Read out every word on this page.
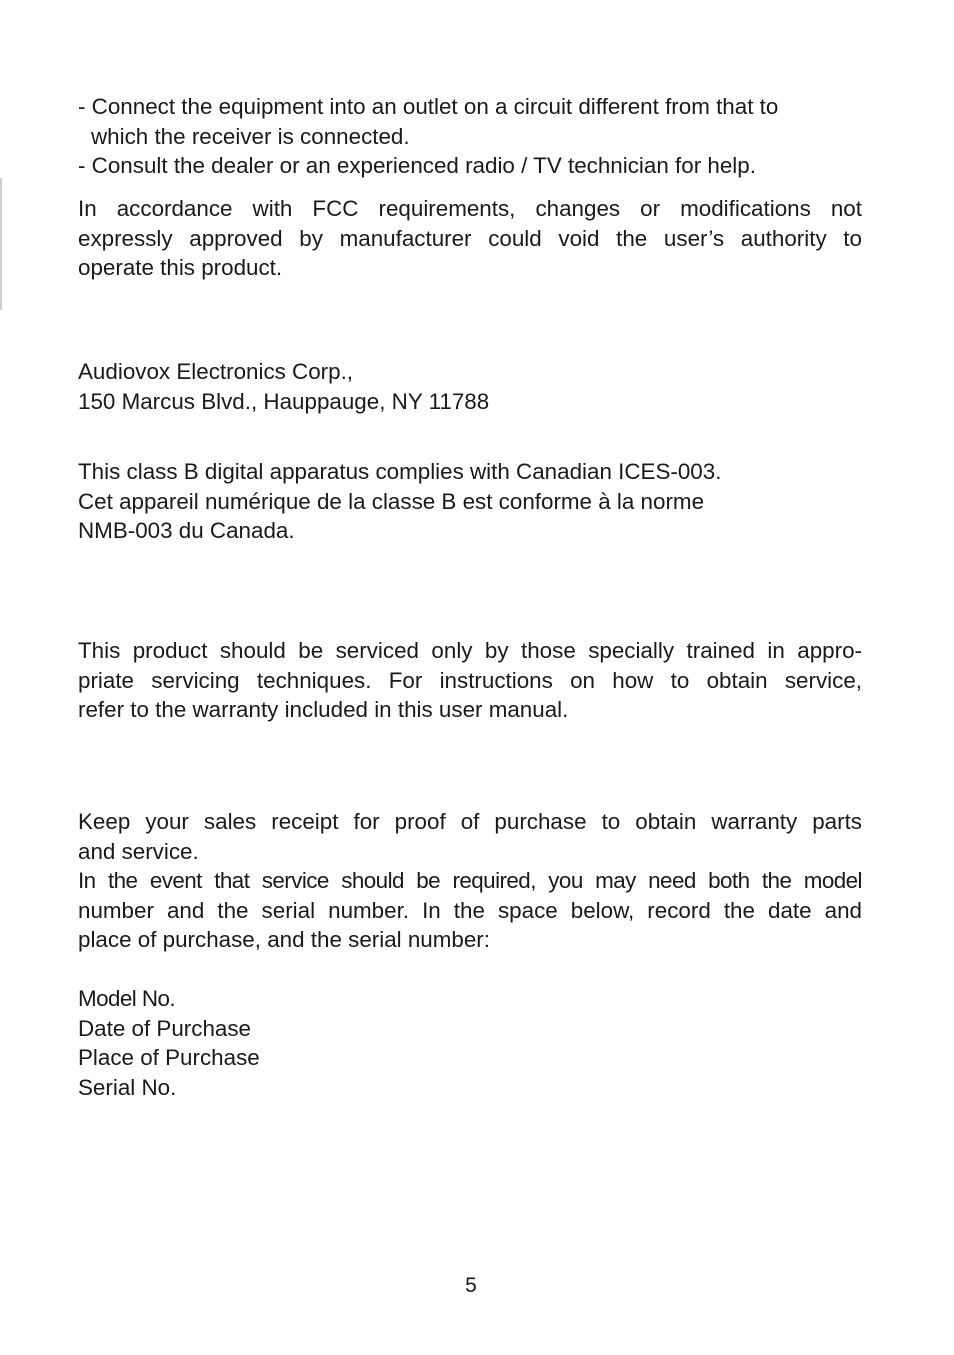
- Connect the equipment into an outlet on a circuit different from that to
which the receiver is connected.
- Consult the dealer or an experienced radio / TV technician for help.
In accordance with FCC requirements, changes or modifications not
expressly approved by manufacturer could void the user’s authority to
operate this product.
Audiovox Electronics Corp.,
150 Marcus Blvd., Hauppauge, NY 11788
This class B digital apparatus complies with Canadian ICES-003.
Cet appareil numérique de la classe B est conforme à la norme
NMB-003 du Canada.
This product should be serviced only by those specially trained in appro-
priate servicing techniques. For instructions on how to obtain service,
refer to the warranty included in this user manual.
Keep your sales receipt for proof of purchase to obtain warranty parts
and service.
In the event that service should be required, you may need both the model
number and the serial number. In the space below, record the date and
place of purchase, and the serial number:
Model No.
Date of Purchase
Place of Purchase
Serial No.
5
